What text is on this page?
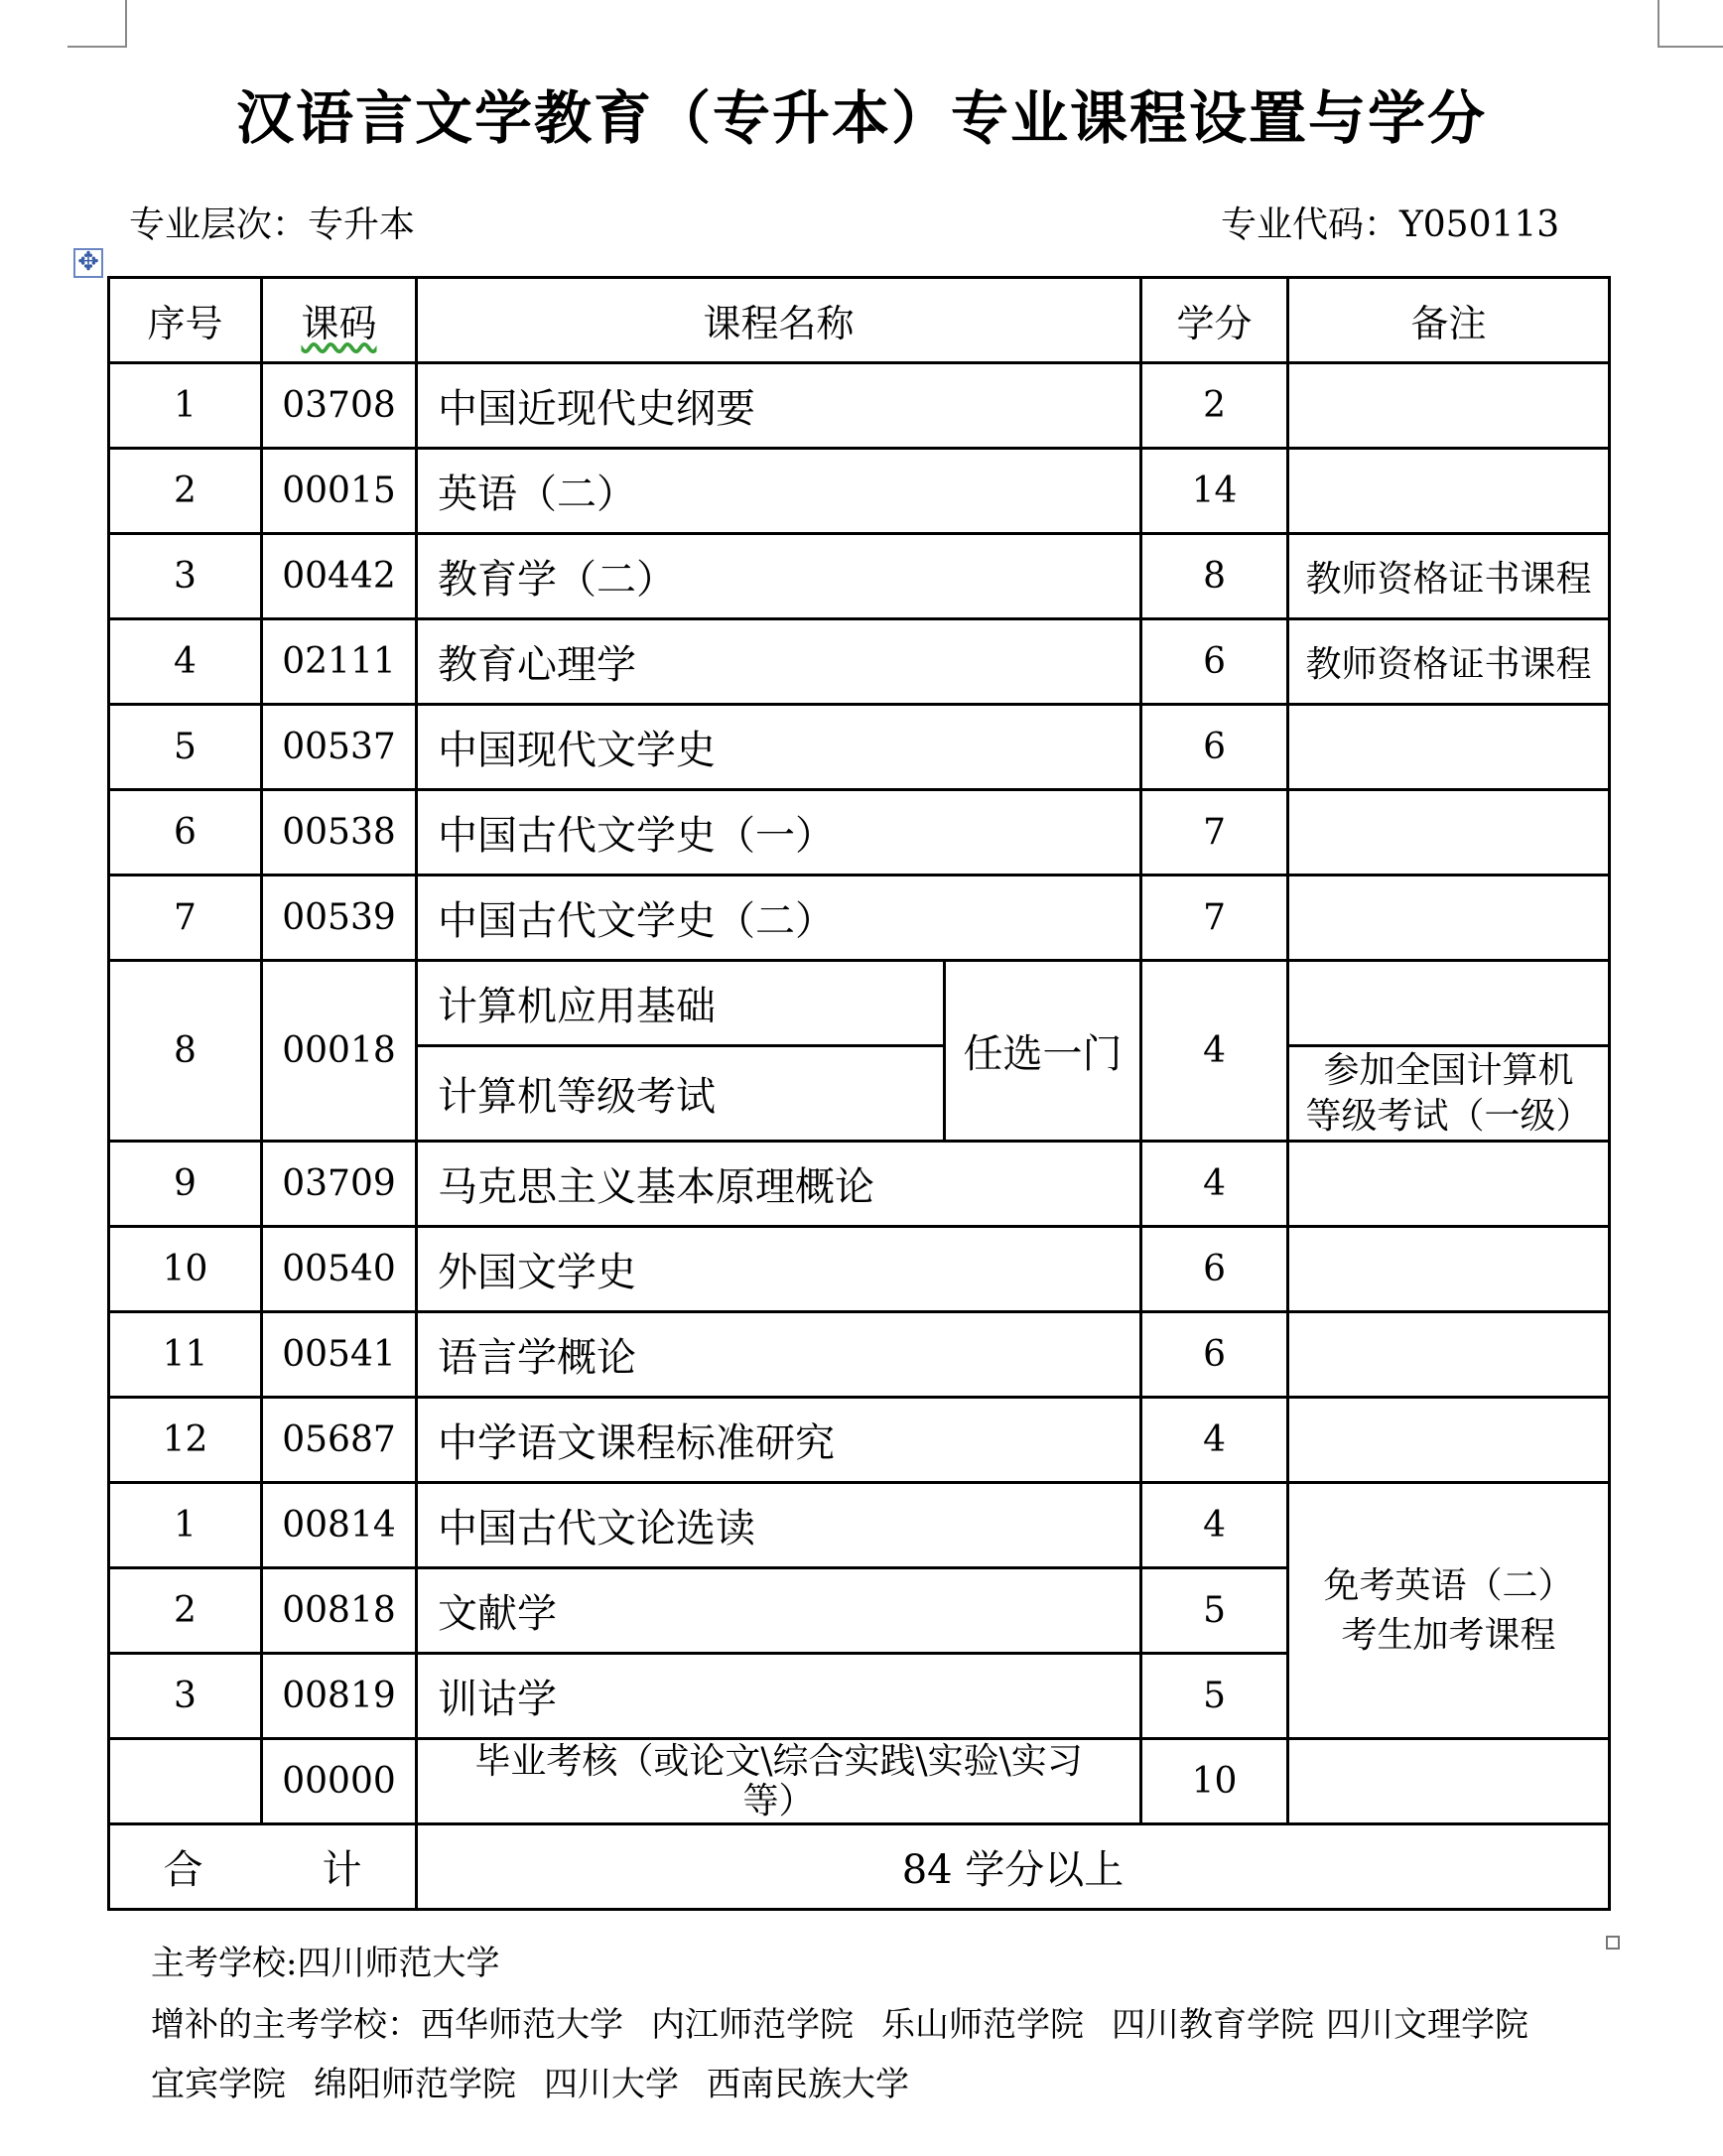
汉语言文学教育（专升本）专业课程设置与学分
专业层次：专升本	专业代码：Y050113
✥
序号	课码	课程名称		学分	备注
1	03708	中国近现代史纲要		2	
2	00015	英语（二）		14	
3	00442	教育学（二）		8	教师资格证书课程
4	02111	教育心理学		6	教师资格证书课程
5	00537	中国现代文学史		6	
6	00538	中国古代文学史（一）		7	
7	00539	中国古代文学史（二）		7	
8	00018	计算机应用基础	任选一门	4	
		计算机等级考试			参加全国计算机
等级考试（一级）

9	03709	马克思主义基本原理概论		4	
10	00540	外国文学史		6	
11	00541	语言学概论		6	
12	05687	中学语文课程标准研究		4	
1	00814	中国古代文论选读		4	免考英语（二）
考生加考课程

2	00818	文献学		5	
3	00819	训诂学		5	
	00000	毕业考核（或论文\综合实践\实验\实习
等）		10	
合 计		84 学分以上			
主考学校:四川师范大学
增补的主考学校：西华师范大学 内江师范学院 乐山师范学院 四川教育学院 四川文理学院
宜宾学院 绵阳师范学院 四川大学 西南民族大学
